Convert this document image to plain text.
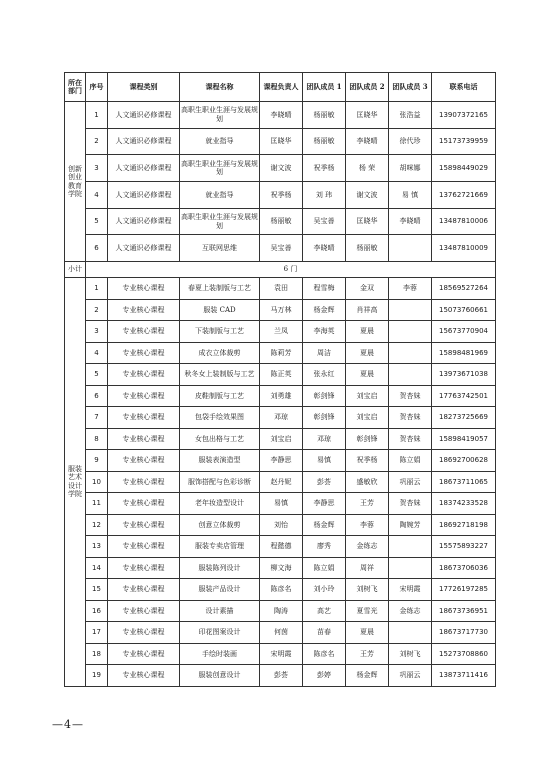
所在部门	序号	课程类别	课程名称	课程负责人	团队成员 1	团队成员 2	团队成员 3	联系电话
创新创业教育学院	1	人文通识必修课程	高职生职业生涯与发展规划	李晓晴	杨丽敏	匡晓华	张浩益	13907372165
	2	人文通识必修课程	就业指导	匡晓华	杨丽敏	李晓晴	徐代珍	15173739959
	3	人文通识必修课程	高职生职业生涯与发展规划	谢文波	祝季杨	杨 荣	胡咪娜	15898449029
	4	人文通识必修课程	就业指导	祝季杨	刘 玮	谢文波	易 慎	13762721669
	5	人文通识必修课程	高职生职业生涯与发展规划	杨丽敏	吴宝善	匡晓华	李晓晴	13487810006
	6	人文通识必修课程	互联网思维	吴宝善	李晓晴	杨丽敏		13487810009
小计	6 门							
服装艺术设计学院	1	专业核心课程	春夏上装制版与工艺	袁田	程雪梅	金双	李蓉	18569527264
	2	专业核心课程	服装 CAD	马万林	杨金辉	肖祥高		15073760661
	3	专业核心课程	下装制版与工艺	兰凤	李海英	夏晨		15673770904
	4	专业核心课程	成衣立体裁剪	陈莉芳	周洁	夏晨		15898481969
	5	专业核心课程	秋冬女上装制版与工艺	陈正英	张永红	夏晨		13973671038
	6	专业核心课程	皮鞋制版与工艺	刘勇雄	彰剑锋	刘宝启	贺杏妹	17763742501
	7	专业核心课程	包袋手绘效果图	邓琼	彰剑锋	刘宝启	贺杏妹	18273725669
	8	专业核心课程	女包出格与工艺	刘宝启	邓琼	彰剑锋	贺杏妹	15898419057
	9	专业核心课程	服装表演造型	李静思	易慎	祝季杨	陈立娟	18692700628
	10	专业核心课程	服饰搭配与色彩诊断	赵丹妮	彭荟	盛敏欣	巩丽云	18673711065
	11	专业核心课程	老年妆造型设计	易慎	李静思	王芳	贺杏妹	18374233528
	12	专业核心课程	创意立体裁剪	刘怡	杨金辉	李蓉	陶婉芳	18692718198
	13	专业核心课程	服装专卖店管理	程懿德	廖秀	金练志		15575893227
	14	专业核心课程	服装陈列设计	柳文海	陈立娟	周祥		18673706036
	15	专业核心课程	服装产品设计	陈彦名	刘小玲	刘树飞	宋明霞	17726197285
	16	专业核心课程	设计素描	陶涛	高艺	夏雪光	金练志	18673736951
	17	专业核心课程	印花图案设计	何茵	苗春	夏晨		18673717730
	18	专业核心课程	手绘时装画	宋明霞	陈彦名	王芳	刘树飞	15273708860
	19	专业核心课程	服装创意设计	彭荟	彭婷	杨金辉	巩丽云	13873711416
—4—
